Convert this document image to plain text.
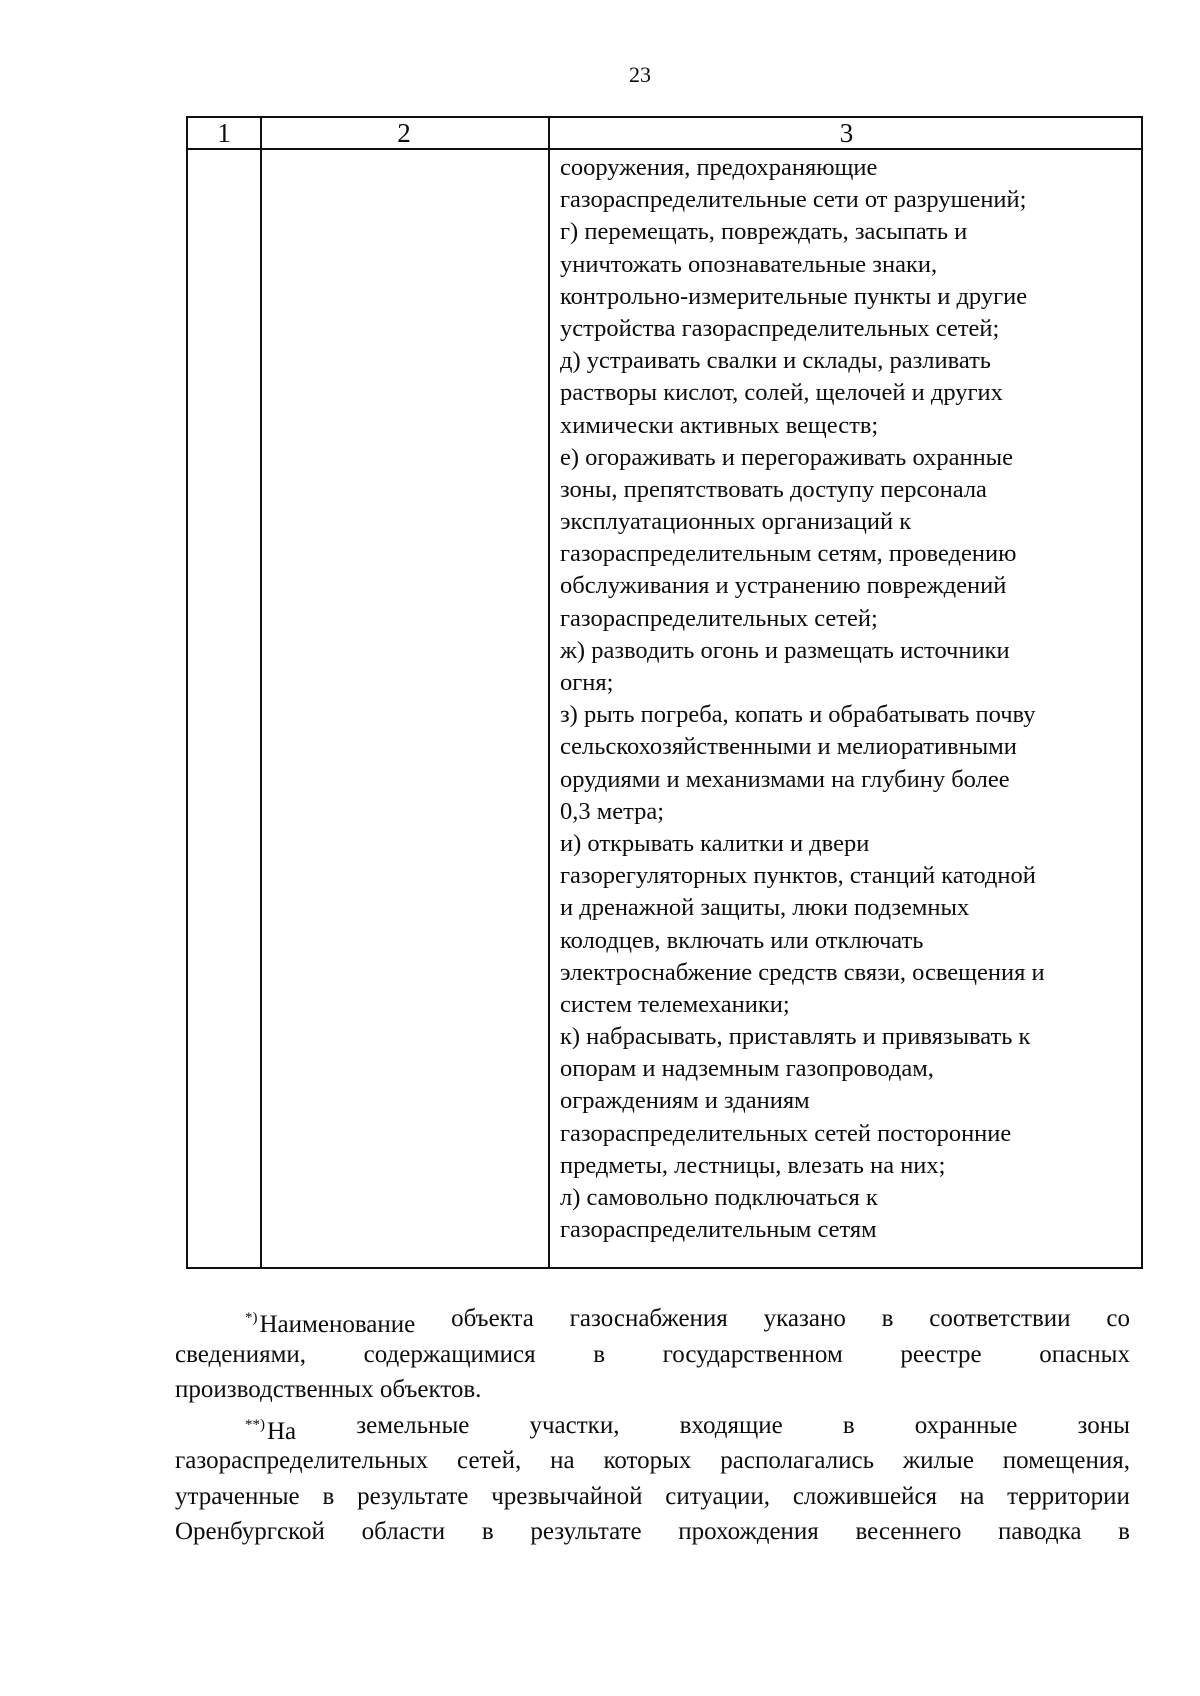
23
1	2	3
сооружения, предохраняющие
газораспределительные сети от разрушений;
г) перемещать, повреждать, засыпать и
уничтожать опознавательные знаки,
контрольно-измерительные пункты и другие
устройства газораспределительных сетей;
д) устраивать свалки и склады, разливать
растворы кислот, солей, щелочей и других
химически активных веществ;
е) огораживать и перегораживать охранные
зоны, препятствовать доступу персонала
эксплуатационных организаций к
газораспределительным сетям, проведению
обслуживания и устранению повреждений
газораспределительных сетей;
ж) разводить огонь и размещать источники
огня;
з) рыть погреба, копать и обрабатывать почву
сельскохозяйственными и мелиоративными
орудиями и механизмами на глубину более
0,3 метра;
и) открывать калитки и двери
газорегуляторных пунктов, станций катодной
и дренажной защиты, люки подземных
колодцев, включать или отключать
электроснабжение средств связи, освещения и
систем телемеханики;
к) набрасывать, приставлять и привязывать к
опорам и надземным газопроводам,
ограждениям и зданиям
газораспределительных сетей посторонние
предметы, лестницы, влезать на них;
л) самовольно подключаться к
газораспределительным сетям
*)Наименование объекта газоснабжения указано в соответствии со
сведениями, содержащимися в государственном реестре опасных
производственных объектов.
**)На земельные участки, входящие в охранные зоны
газораспределительных сетей, на которых располагались жилые помещения,
утраченные в результате чрезвычайной ситуации, сложившейся на территории
Оренбургской области в результате прохождения весеннего паводка в
